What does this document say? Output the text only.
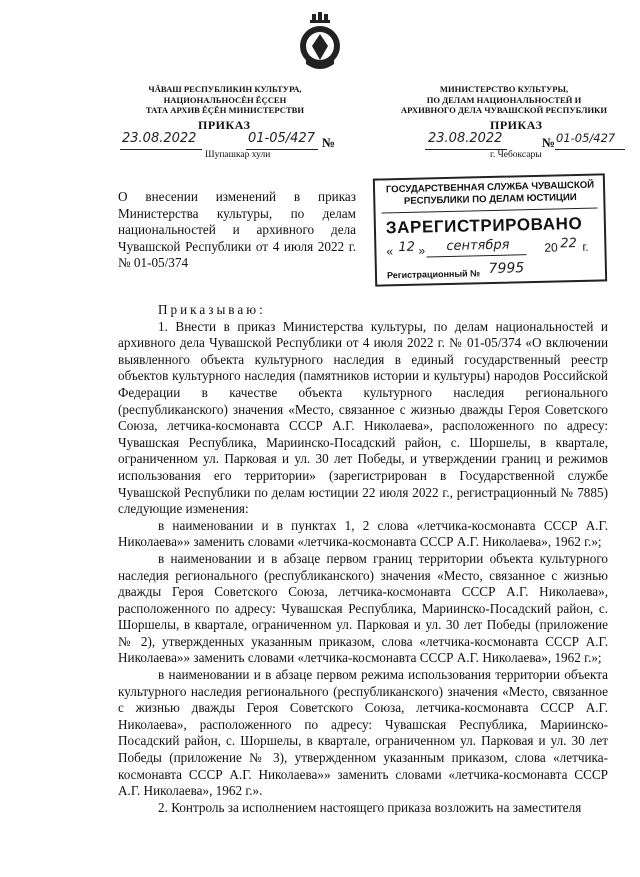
ЧĂВАШ РЕСПУБЛИКИН КУЛЬТУРА,
НАЦИОНАЛЬНОСĔН ĔÇСЕН
ТАТА АРХИВ ĔÇĔН МИНИСТЕРСТВИ
МИНИСТЕРСТВО КУЛЬТУРЫ,
ПО ДЕЛАМ НАЦИОНАЛЬНОСТЕЙ И
АРХИВНОГО ДЕЛА ЧУВАШСКОЙ РЕСПУБЛИКИ
ПРИКАЗ
23.08.2022	01-05/427 №
Шупашкар хули
ПРИКАЗ
23.08.2022	№ 01-05/427
г. Чебоксары
О внесении изменений в приказ Министерства культуры, по делам национальностей и архивного дела Чувашской Республики от 4 июля 2022 г. № 01-05/374
ГОСУДАРСТВЕННАЯ СЛУЖБА ЧУВАШСКОЙ РЕСПУБЛИКИ ПО ДЕЛАМ ЮСТИЦИИ
ЗАРЕГИСТРИРОВАНО
« 12 » сентября	20 22 г.
Регистрационный № 7995

Приказываю:

1. Внести в приказ Министерства культуры, по делам национальностей и архивного дела Чувашской Республики от 4 июля 2022 г. № 01-05/374 «О включении выявленного объекта культурного наследия в единый государственный реестр объектов культурного наследия (памятников истории и культуры) народов Российской Федерации в качестве объекта культурного наследия регионального (республиканского) значения «Место, связанное с жизнью дважды Героя Советского Союза, летчика-космонавта СССР А.Г. Николаева», расположенного по адресу: Чувашская Республика, Мариинско-Посадский район, с. Шоршелы, в квартале, ограниченном ул. Парковая и ул. 30 лет Победы, и утверждении границ и режимов использования его территории» (зарегистрирован в Государственной службе Чувашской Республики по делам юстиции 22 июля 2022 г., регистрационный № 7885) следующие изменения:

в наименовании и в пунктах 1, 2 слова «летчика-космонавта СССР А.Г. Николаева»» заменить словами «летчика-космонавта СССР А.Г. Николаева», 1962 г.»;

в наименовании и в абзаце первом границ территории объекта культурного наследия регионального (республиканского) значения «Место, связанное с жизнью дважды Героя Советского Союза, летчика-космонавта СССР А.Г. Николаева», расположенного по адресу: Чувашская Республика, Мариинско-Посадский район, с. Шоршелы, в квартале, ограниченном ул. Парковая и ул. 30 лет Победы (приложение № 2), утвержденных указанным приказом, слова «летчика-космонавта СССР А.Г. Николаева»» заменить словами «летчика-космонавта СССР А.Г. Николаева», 1962 г.»;

в наименовании и в абзаце первом режима использования территории объекта культурного наследия регионального (республиканского) значения «Место, связанное с жизнью дважды Героя Советского Союза, летчика-космонавта СССР А.Г. Николаева», расположенного по адресу: Чувашская Республика, Мариинско-Посадский район, с. Шоршелы, в квартале, ограниченном ул. Парковая и ул. 30 лет Победы (приложение № 3), утвержденном указанным приказом, слова «летчика-космонавта СССР А.Г. Николаева»» заменить словами «летчика-космонавта СССР А.Г. Николаева», 1962 г.».

2. Контроль за исполнением настоящего приказа возложить на заместителя
